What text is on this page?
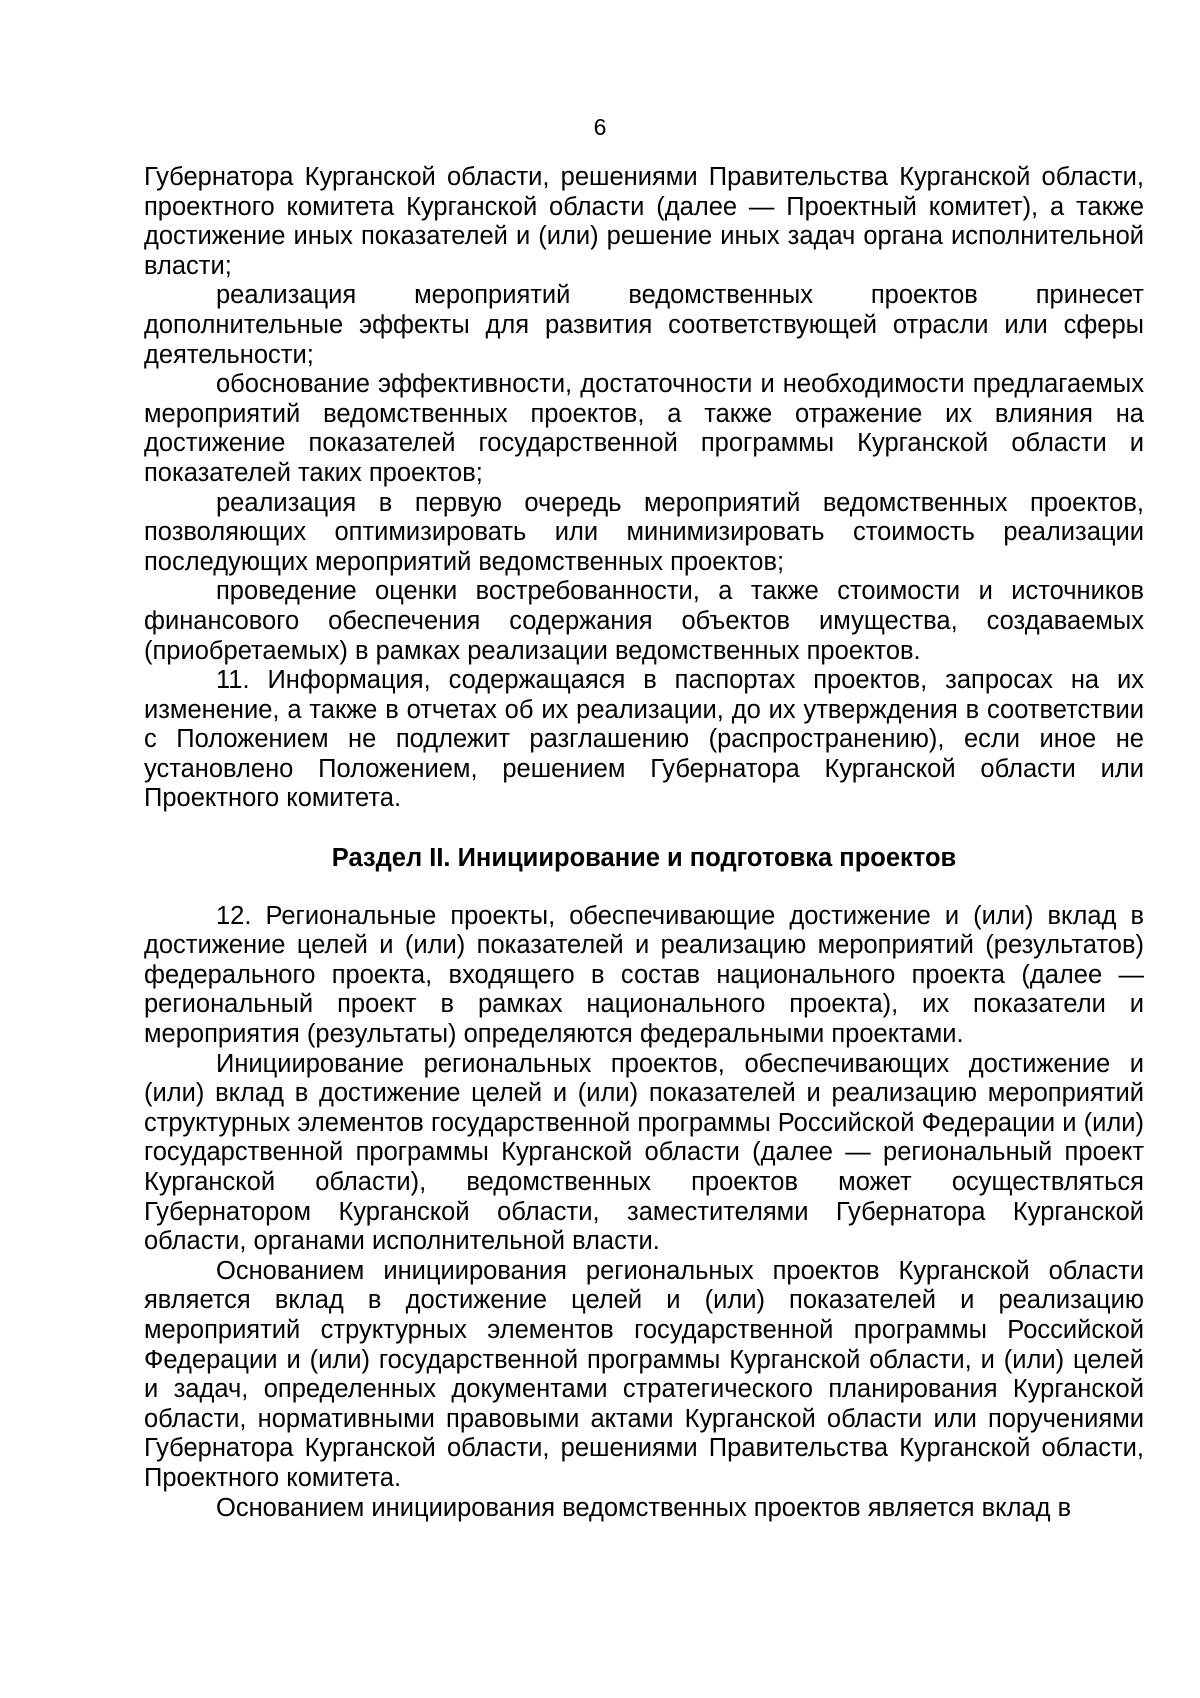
6

Губернатора Курганской области, решениями Правительства Курганской области, проектного комитета Курганской области (далее — Проектный комитет), а также достижение иных показателей и (или) решение иных задач органа исполнительной власти;

реализация мероприятий ведомственных проектов принесет дополнительные эффекты для развития соответствующей отрасли или сферы деятельности;

обоснование эффективности, достаточности и необходимости предлагаемых мероприятий ведомственных проектов, а также отражение их влияния на достижение показателей государственной программы Курганской области и показателей таких проектов;

реализация в первую очередь мероприятий ведомственных проектов, позволяющих оптимизировать или минимизировать стоимость реализации последующих мероприятий ведомственных проектов;

проведение оценки востребованности, а также стоимости и источников финансового обеспечения содержания объектов имущества, создаваемых (приобретаемых) в рамках реализации ведомственных проектов.

11. Информация, содержащаяся в паспортах проектов, запросах на их изменение, а также в отчетах об их реализации, до их утверждения в соответствии с Положением не подлежит разглашению (распространению), если иное не установлено Положением, решением Губернатора Курганской области или Проектного комитета.

Раздел II. Инициирование и подготовка проектов

12. Региональные проекты, обеспечивающие достижение и (или) вклад в достижение целей и (или) показателей и реализацию мероприятий (результатов) федерального проекта, входящего в состав национального проекта (далее — региональный проект в рамках национального проекта), их показатели и мероприятия (результаты) определяются федеральными проектами.

Инициирование региональных проектов, обеспечивающих достижение и (или) вклад в достижение целей и (или) показателей и реализацию мероприятий структурных элементов государственной программы Российской Федерации и (или) государственной программы Курганской области (далее — региональный проект Курганской области), ведомственных проектов может осуществляться Губернатором Курганской области, заместителями Губернатора Курганской области, органами исполнительной власти.

Основанием инициирования региональных проектов Курганской области является вклад в достижение целей и (или) показателей и реализацию мероприятий структурных элементов государственной программы Российской Федерации и (или) государственной программы Курганской области, и (или) целей и задач, определенных документами стратегического планирования Курганской области, нормативными правовыми актами Курганской области или поручениями Губернатора Курганской области, решениями Правительства Курганской области, Проектного комитета.

Основанием инициирования ведомственных проектов является вклад в
